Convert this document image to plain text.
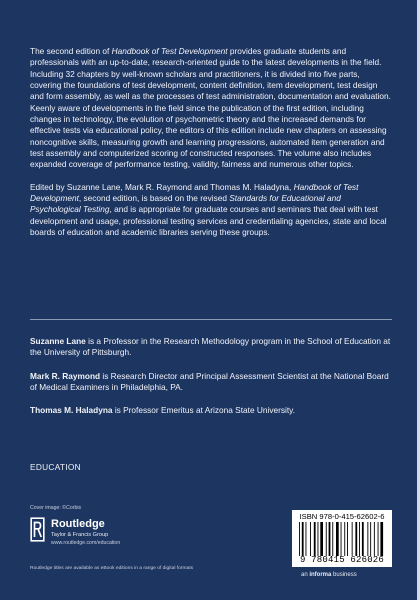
The second edition of Handbook of Test Development provides graduate students and professionals with an up-to-date, research-oriented guide to the latest developments in the field. Including 32 chapters by well-known scholars and practitioners, it is divided into five parts, covering the foundations of test development, content definition, item development, test design and form assembly, as well as the processes of test administration, documentation and evaluation. Keenly aware of developments in the field since the publication of the first edition, including changes in technology, the evolution of psychometric theory and the increased demands for effective tests via educational policy, the editors of this edition include new chapters on assessing noncognitive skills, measuring growth and learning progressions, automated item generation and test assembly and computerized scoring of constructed responses. The volume also includes expanded coverage of performance testing, validity, fairness and numerous other topics.

Edited by Suzanne Lane, Mark R. Raymond and Thomas M. Haladyna, Handbook of Test Development, second edition, is based on the revised Standards for Educational and Psychological Testing, and is appropriate for graduate courses and seminars that deal with test development and usage, professional testing services and credentialing agencies, state and local boards of education and academic libraries serving these groups.

Suzanne Lane is a Professor in the Research Methodology program in the School of Education at the University of Pittsburgh.

Mark R. Raymond is Research Director and Principal Assessment Scientist at the National Board of Medical Examiners in Philadelphia, PA.

Thomas M. Haladyna is Professor Emeritus at Arizona State University.

EDUCATION
Cover image: ©Corbis
Routledge
Taylor & Francis Group
www.routledge.com/education
Routledge titles are available as eBook editions in a range of digital formats
ISBN 978-0-415-62602-6
9 780415 626026
an informa business
